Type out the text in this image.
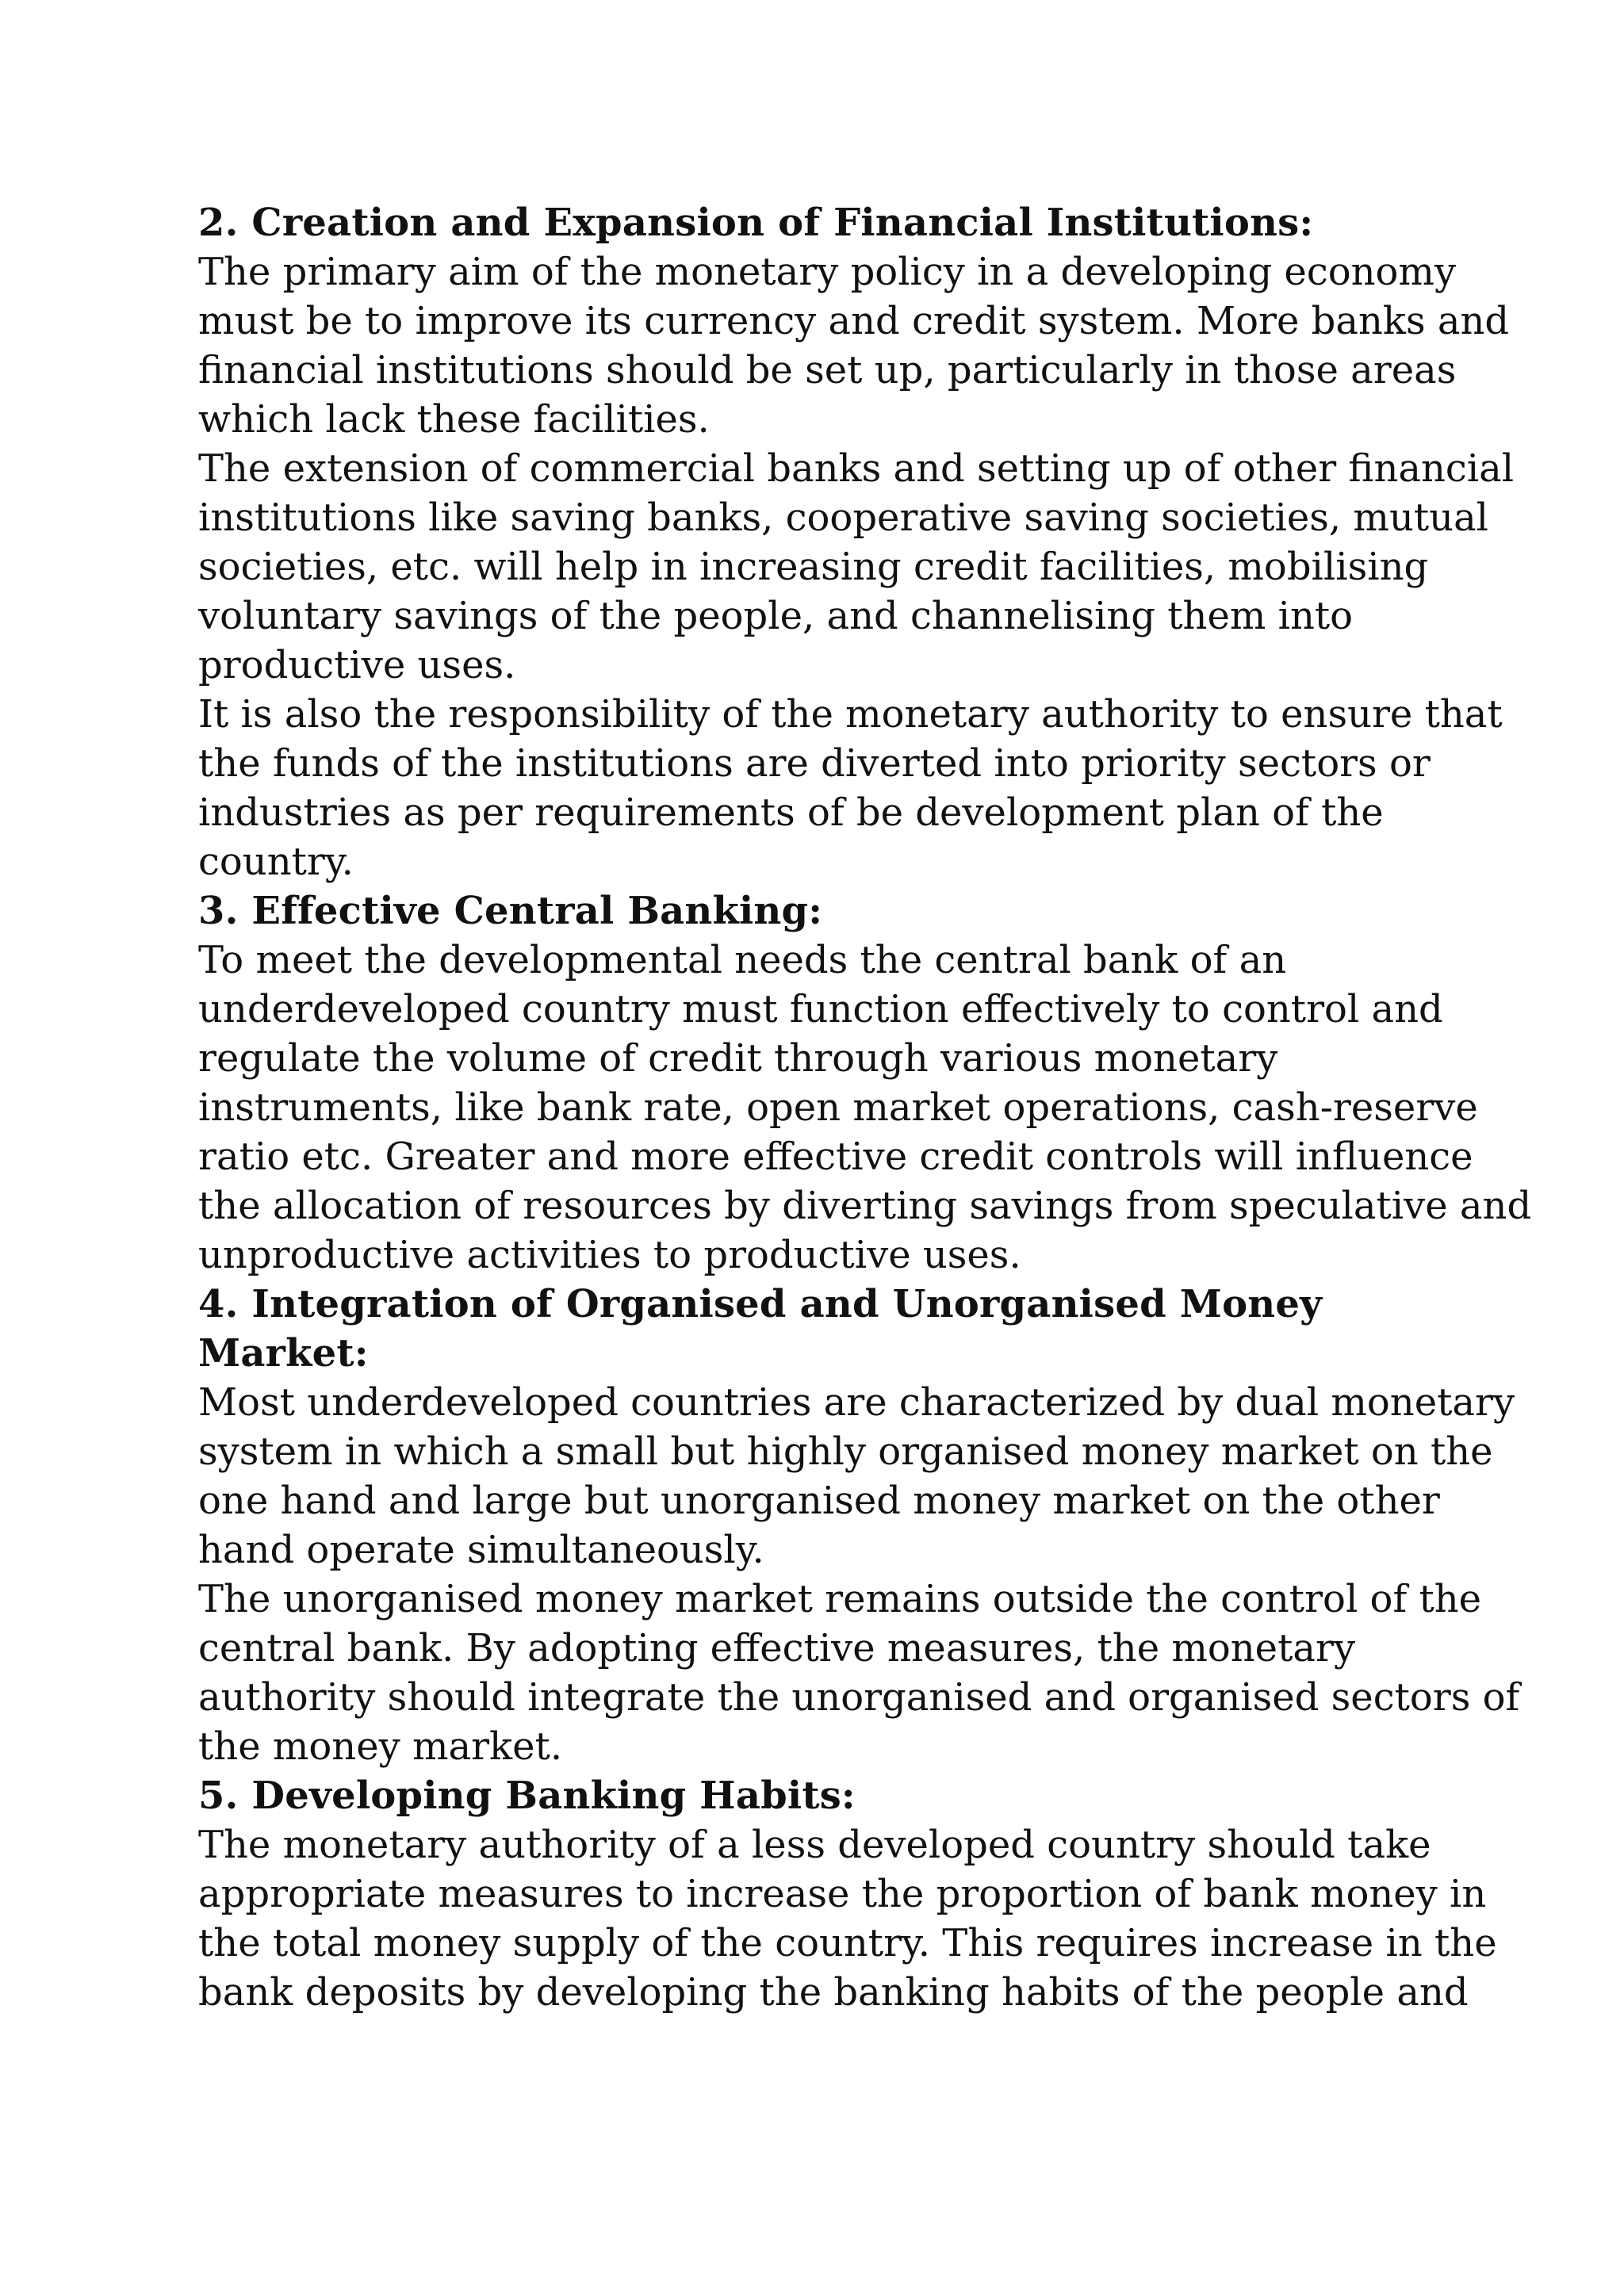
2. Creation and Expansion of Financial Institutions:

The primary aim of the monetary policy in a developing economy
must be to improve its currency and credit system. More banks and
financial institutions should be set up, particularly in those areas
which lack these facilities.

The extension of commercial banks and setting up of other financial
institutions like saving banks, cooperative saving societies, mutual
societies, etc. will help in increasing credit facilities, mobilising
voluntary savings of the people, and channelising them into
productive uses.

It is also the responsibility of the monetary authority to ensure that
the funds of the institutions are diverted into priority sectors or
industries as per requirements of be development plan of the
country.

3. Effective Central Banking:

To meet the developmental needs the central bank of an
underdeveloped country must function effectively to control and
regulate the volume of credit through various monetary
instruments, like bank rate, open market operations, cash-reserve
ratio etc. Greater and more effective credit controls will influence
the allocation of resources by diverting savings from speculative and
unproductive activities to productive uses.

4. Integration of Organised and Unorganised Money
Market:

Most underdeveloped countries are characterized by dual monetary
system in which a small but highly organised money market on the
one hand and large but unorganised money market on the other
hand operate simultaneously.

The unorganised money market remains outside the control of the
central bank. By adopting effective measures, the monetary
authority should integrate the unorganised and organised sectors of
the money market.

5. Developing Banking Habits:

The monetary authority of a less developed country should take
appropriate measures to increase the proportion of bank money in
the total money supply of the country. This requires increase in the
bank deposits by developing the banking habits of the people and
